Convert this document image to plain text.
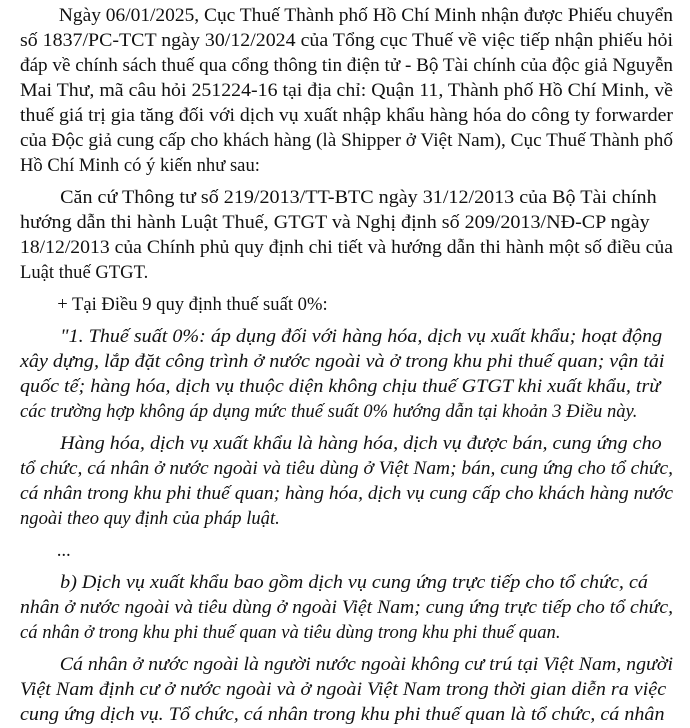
Ngày 06/01/2025, Cục Thuế Thành phố Hồ Chí Minh nhận được Phiếu chuyển
số 1837/PC-TCT ngày 30/12/2024 của Tổng cục Thuế về việc tiếp nhận phiếu hỏi
đáp về chính sách thuế qua cổng thông tin điện tử - Bộ Tài chính của độc giả Nguyễn
Mai Thư, mã câu hỏi 251224-16 tại địa chỉ: Quận 11, Thành phố Hồ Chí Minh, về
thuế giá trị gia tăng đối với dịch vụ xuất nhập khẩu hàng hóa do công ty forwarder
của Độc giả cung cấp cho khách hàng (là Shipper ở Việt Nam), Cục Thuế Thành phố
Hồ Chí Minh có ý kiến như sau:
Căn cứ Thông tư số 219/2013/TT-BTC ngày 31/12/2013 của Bộ Tài chính
hướng dẫn thi hành Luật Thuế, GTGT và Nghị định số 209/2013/NĐ-CP ngày
18/12/2013 của Chính phủ quy định chi tiết và hướng dẫn thi hành một số điều của
Luật thuế GTGT.
+ Tại Điều 9 quy định thuế suất 0%:
"1. Thuế suất 0%: áp dụng đối với hàng hóa, dịch vụ xuất khẩu; hoạt động
xây dựng, lắp đặt công trình ở nước ngoài và ở trong khu phi thuế quan; vận tải
quốc tế; hàng hóa, dịch vụ thuộc diện không chịu thuế GTGT khi xuất khẩu, trừ
các trường hợp không áp dụng mức thuế suất 0% hướng dẫn tại khoản 3 Điều này.
Hàng hóa, dịch vụ xuất khẩu là hàng hóa, dịch vụ được bán, cung ứng cho
tổ chức, cá nhân ở nước ngoài và tiêu dùng ở Việt Nam; bán, cung ứng cho tổ chức,
cá nhân trong khu phi thuế quan; hàng hóa, dịch vụ cung cấp cho khách hàng nước
ngoài theo quy định của pháp luật.
...
b) Dịch vụ xuất khẩu bao gồm dịch vụ cung ứng trực tiếp cho tổ chức, cá
nhân ở nước ngoài và tiêu dùng ở ngoài Việt Nam; cung ứng trực tiếp cho tổ chức,
cá nhân ở trong khu phi thuế quan và tiêu dùng trong khu phi thuế quan.
Cá nhân ở nước ngoài là người nước ngoài không cư trú tại Việt Nam, người
Việt Nam định cư ở nước ngoài và ở ngoài Việt Nam trong thời gian diễn ra việc
cung ứng dịch vụ. Tổ chức, cá nhân trong khu phi thuế quan là tổ chức, cá nhân
